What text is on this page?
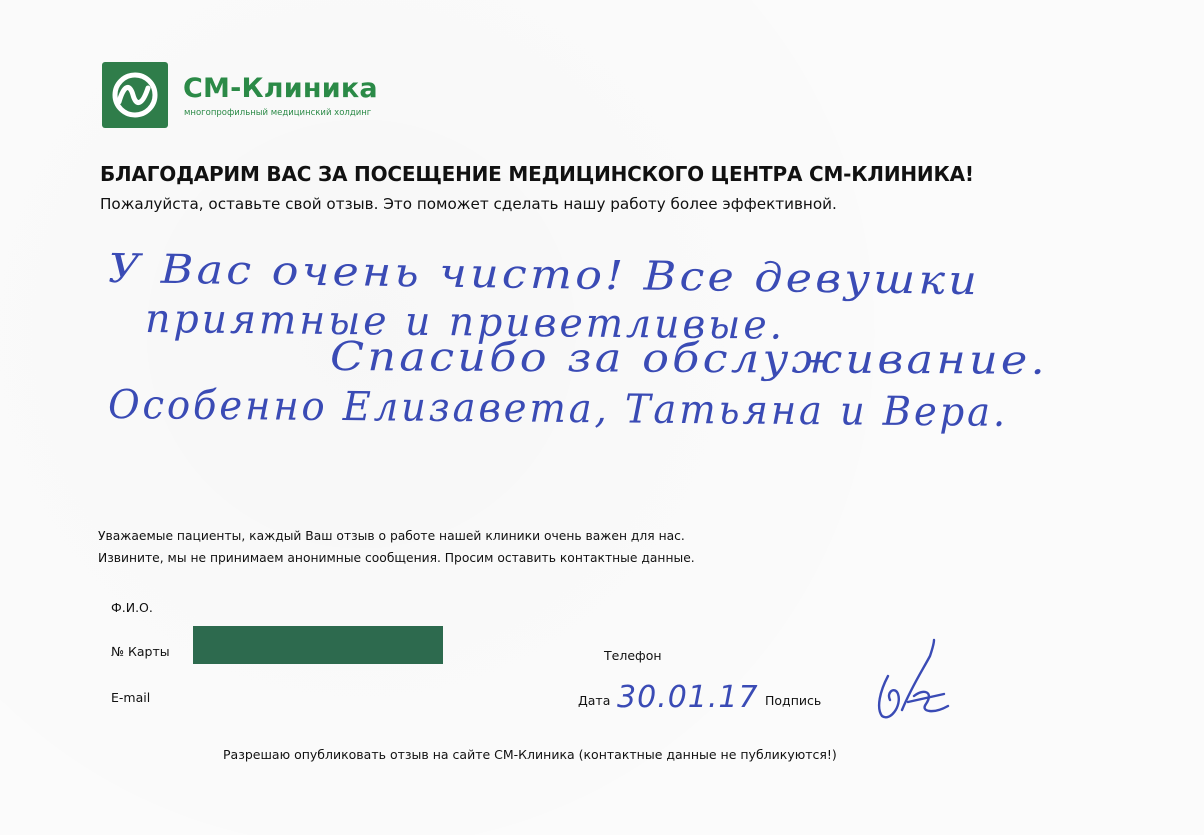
СМ-Клиника
многопрофильный медицинский холдинг
БЛАГОДАРИМ ВАС ЗА ПОСЕЩЕНИЕ МЕДИЦИНСКОГО ЦЕНТРА СМ-КЛИНИКА!
Пожалуйста, оставьте свой отзыв. Это поможет сделать нашу работу более эффективной.
У Вас очень чисто! Все девушки
приятные и приветливые.
Спасибо за обслуживание.
Особенно Елизавета, Татьяна и Вера.
Уважаемые пациенты, каждый Ваш отзыв о работе нашей клиники очень важен для нас.
Извините, мы не принимаем анонимные сообщения. Просим оставить контактные данные.
Ф.И.О.
№ Карты
E-mail
Телефон
Дата 30.01.17 Подпись
Разрешаю опубликовать отзыв на сайте СМ-Клиника (контактные данные не публикуются!)
